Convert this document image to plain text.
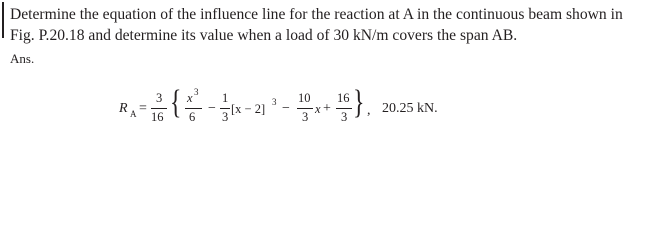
Determine the equation of the influence line for the reaction at A in the continuous beam shown in
Fig. P.20.18 and determine its value when a load of 30 kN/m covers the span AB.
Ans.
R A =
3
16 { x 3
6
−
1
3
[x − 2] 3 −
10
3
x +
16
3 } , 20.25 kN.
